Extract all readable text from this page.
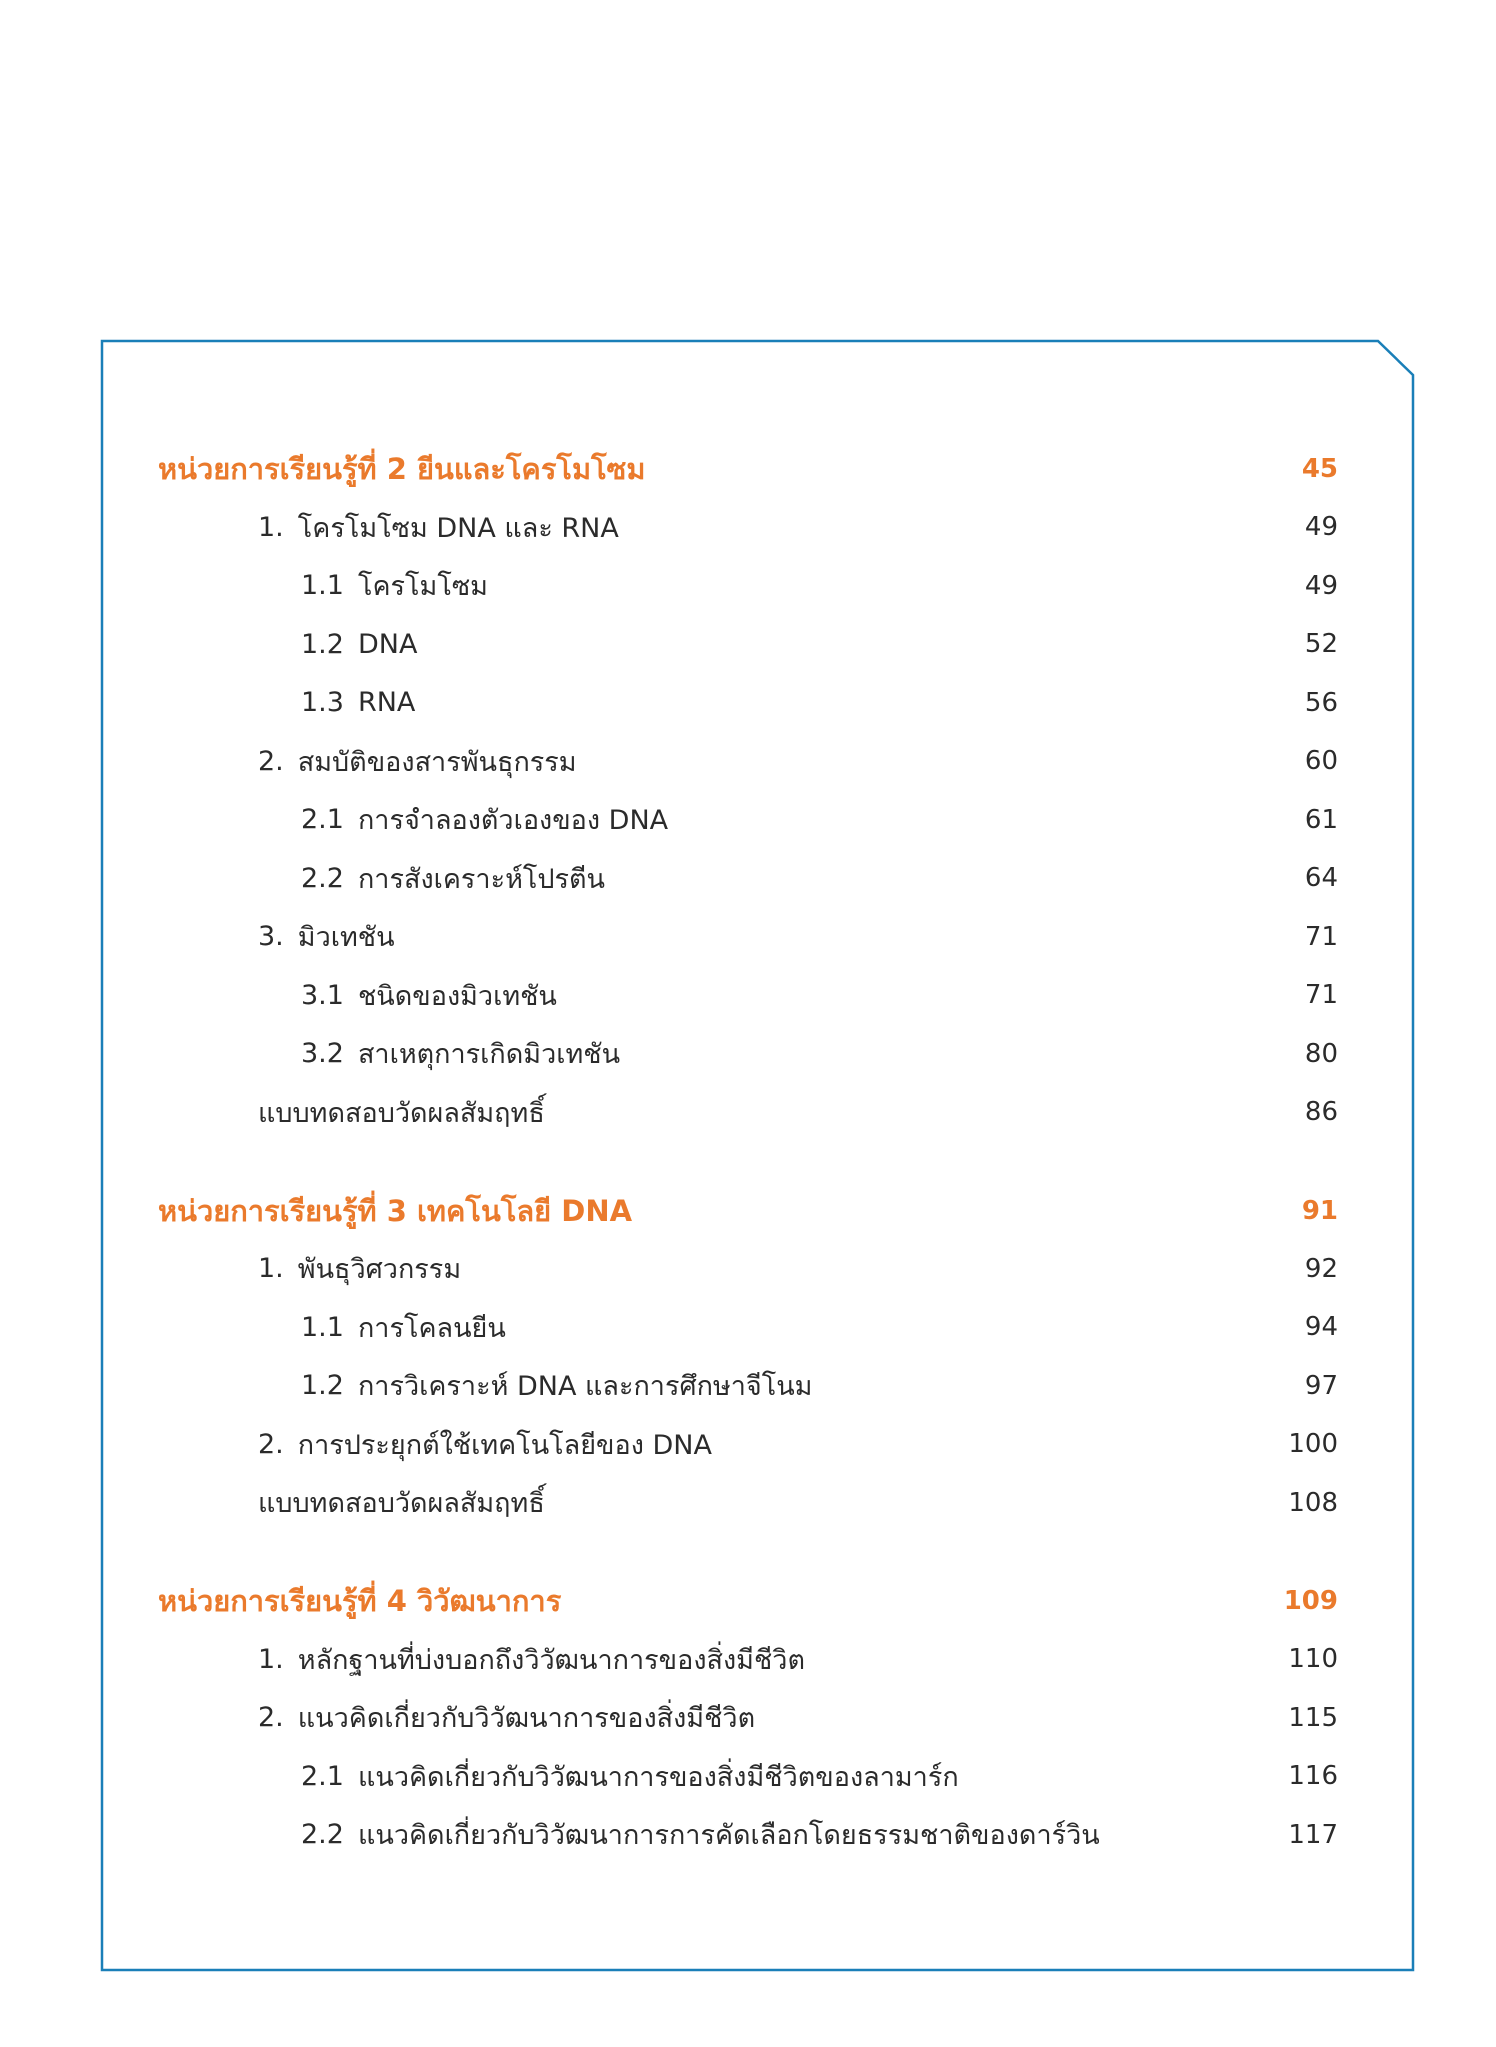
หน่วยการเรียนรู้ที่ 2 ยีนและโครโมโซม	45
1. โครโมโซม DNA และ RNA	49
1.1 โครโมโซม	49
1.2 DNA	52
1.3 RNA	56
2. สมบัติของสารพันธุกรรม	60
2.1 การจำลองตัวเองของ DNA	61
2.2 การสังเคราะห์โปรตีน	64
3. มิวเทชัน	71
3.1 ชนิดของมิวเทชัน	71
3.2 สาเหตุการเกิดมิวเทชัน	80
แบบทดสอบวัดผลสัมฤทธิ์	86
หน่วยการเรียนรู้ที่ 3 เทคโนโลยี DNA	91
1. พันธุวิศวกรรม	92
1.1 การโคลนยีน	94
1.2 การวิเคราะห์ DNA และการศึกษาจีโนม	97
2. การประยุกต์ใช้เทคโนโลยีของ DNA	100
แบบทดสอบวัดผลสัมฤทธิ์	108
หน่วยการเรียนรู้ที่ 4 วิวัฒนาการ	109
1. หลักฐานที่บ่งบอกถึงวิวัฒนาการของสิ่งมีชีวิต	110
2. แนวคิดเกี่ยวกับวิวัฒนาการของสิ่งมีชีวิต	115
2.1 แนวคิดเกี่ยวกับวิวัฒนาการของสิ่งมีชีวิตของลามาร์ก	116
2.2 แนวคิดเกี่ยวกับวิวัฒนาการการคัดเลือกโดยธรรมชาติของดาร์วิน	117
